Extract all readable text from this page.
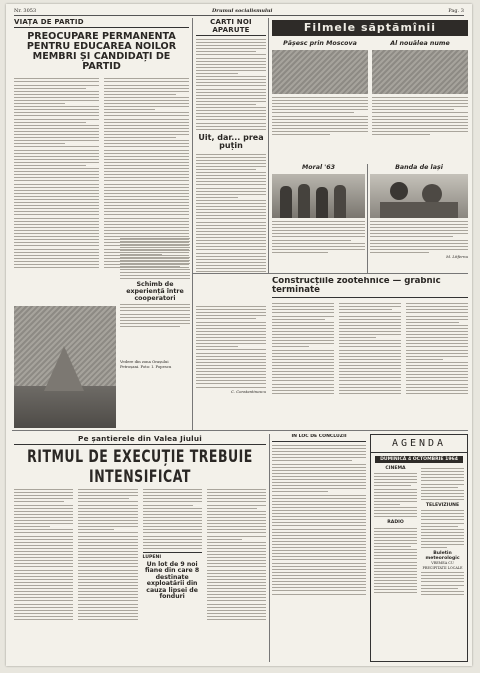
Nr. 3053	Drumul socialismului	Pag. 3
VIAȚA DE PARTID
PREOCUPARE PERMANENTA PENTRU EDUCAREA NOILOR MEMBRI ȘI CANDIDAȚI DE PARTID
Vedere din zona Orașului Petroșani. Foto: I. Popescu
CARTI NOI APARUTE
Uit, dar... prea puțin
Schimb de experiență între cooperatori
C. Constantinescu
Construcțiile zootehnice — grabnic terminate
Filmele săptămînii
Pășesc prin Moscova	Al nouălea nume
Moral '63	Banda de lași
M. Litfernu
Pe șantierele din Valea Jiului
RITMUL DE EXECUȚIE TREBUIE INTENSIFICAT
LUPENI
Un lot de 9 noi fiane din care 8 destinate exploatării din cauza lipsei de fonduri
IN LOC DE CONCLUZII
AGENDA
DUMINICĂ 4 OCTOMBRIE 1964
CINEMA
RADIO
TELEVIZIUNE
Buletin meteorologic
VREMEA CU PRECIPITATII LOCALE
